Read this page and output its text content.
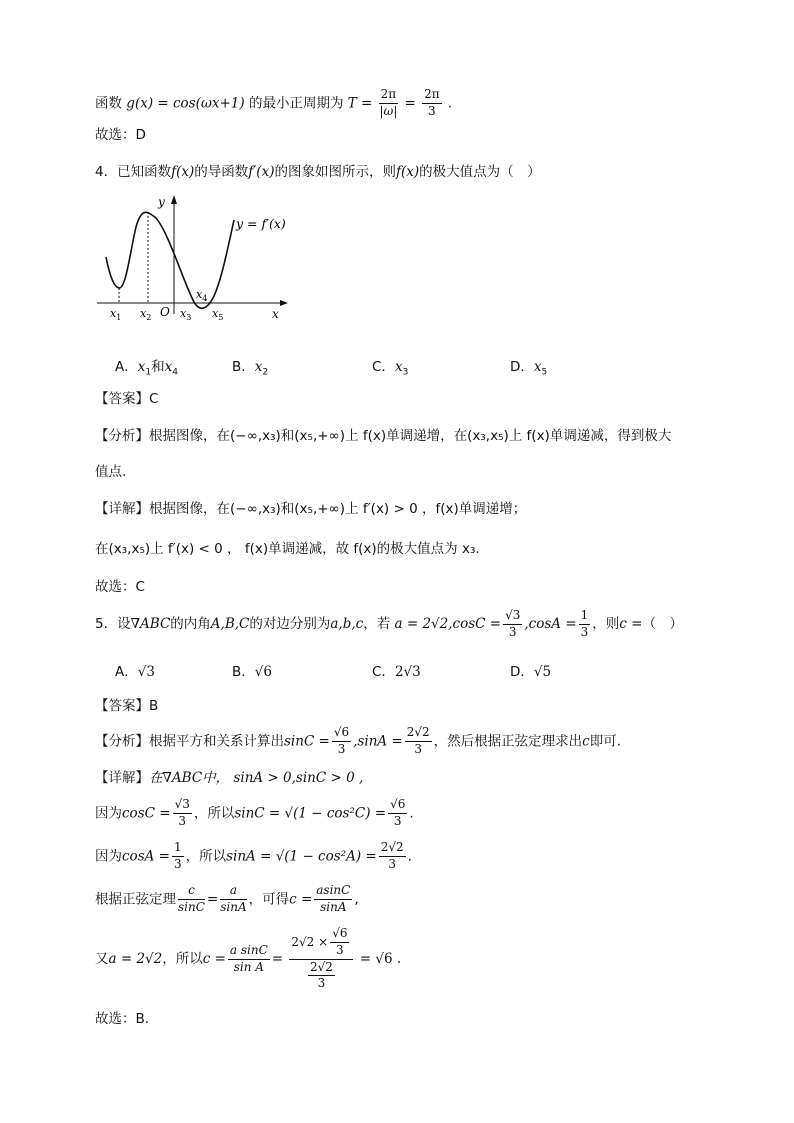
函数 g(x) = cos(ωx+1) 的最小正周期为 $T = \frac{2\pi}{|\omega|} = \frac{2\pi}{3}$ .
故选：D
4．已知函数f(x)的导函数f′(x)的图象如图所示，则f(x)的极大值点为（　）
y
x
O
y = f′(x)
$x_1$ $x_2$	$x_3$
$x_4$
$x_5$
A．$x_1$和$x_4$	B．$x_2$	C．$x_3$	D．$x_5$
【答案】C
【分析】根据图像，在(−∞,x₃)和(x₅,+∞)上 f(x)单调递增，在(x₃,x₅)上 f(x)单调递减，得到极大
值点.
【详解】根据图像，在(−∞,x₃)和(x₅,+∞)上 f′(x) > 0 ，f(x)单调递增；
在(x₃,x₅)上 f′(x) < 0 ， f(x)单调递减，故 f(x)的极大值点为 x₃.
故选：C
5．设∇ABC的内角A,B,C的对边分别为a,b,c，若 $a = 2√2,\cos C = \frac{√3}{3} ,\cos A = \frac{1}{3}$ ，则c =（　）
A．√3	B．√6	C．2√3	D．√5
【答案】B
【分析】根据平方和关系计算出$\sin C = \frac{√6}{3} ,\sin A = \frac{2√2}{3}$ ，然后根据正弦定理求出c即可.
【详解】在∇ABC中， sinA > 0,sinC > 0 ,
因为$\cos C = \frac{√3}{3}$ ，所以$\sin C = √(1 - \cos^2C) = \frac{√6}{3}$ .
因为$\cos A = \frac{1}{3}$ ，所以$\sin A = √(1 - \cos^2A) = \frac{2√2}{3}$ .
根据正弦定理 $\frac{c}{\sin C} = \frac{a}{\sin A}$ ，可得$c = \frac{asinC}{\sin A}$ ,
又a = 2√2，所以$c = \frac{\text{a sinC}}{\text{sin A}} = \frac{2√2 \times \frac{√6}{3}}{\frac{2√2}{3}} = √6$ .
故选：B.
